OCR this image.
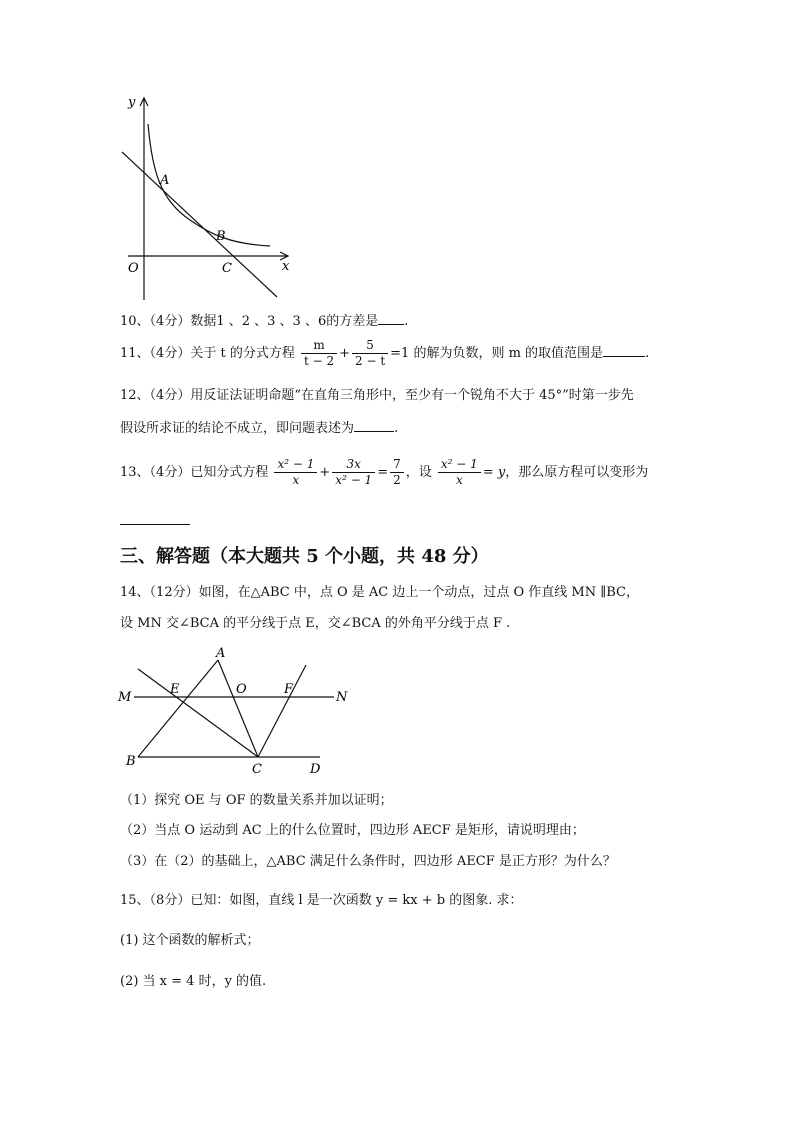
y
A
B
O	C	x
10、（4分）数据1 、2 、3 、3 、6的方差是 .
11、（4分）关于 t 的分式方程 $\frac{m}{t - 2} + \frac{5}{2 - t} =1$ 的解为负数，则 m 的取值范围是	.
12、（4分）用反证法证明命题“在直角三角形中，至少有一个锐角不大于 45°”时第一步先
假设所求证的结论不成立，即问题表述为	.
13、（4分）已知分式方程 $\frac{\text{x² − 1}}{x} + \frac{3x}{\text{x² − 1}} = \frac{7}{2}$ ，设 $\frac{\text{x² − 1}}{x} = y$，那么原方程可以变形为
三、解答题（本大题共 5 个小题，共 48 分）
14、（12分）如图，在△ABC 中，点 O 是 AC 边上一个动点，过点 O 作直线 MN ∥BC，
设 MN 交∠BCA 的平分线于点 E，交∠BCA 的外角平分线于点 F .
A
M
E	O	F
N
B
C	D
（1）探究 OE 与 OF 的数量关系并加以证明；
（2）当点 O 运动到 AC 上的什么位置时，四边形 AECF 是矩形，请说明理由；
（3）在（2）的基础上，△ABC 满足什么条件时，四边形 AECF 是正方形？为什么？
15、（8分）已知：如图，直线 l 是一次函数 y = kx + b 的图象. 求：
(1) 这个函数的解析式；
(2) 当 x = 4 时，y 的值.
